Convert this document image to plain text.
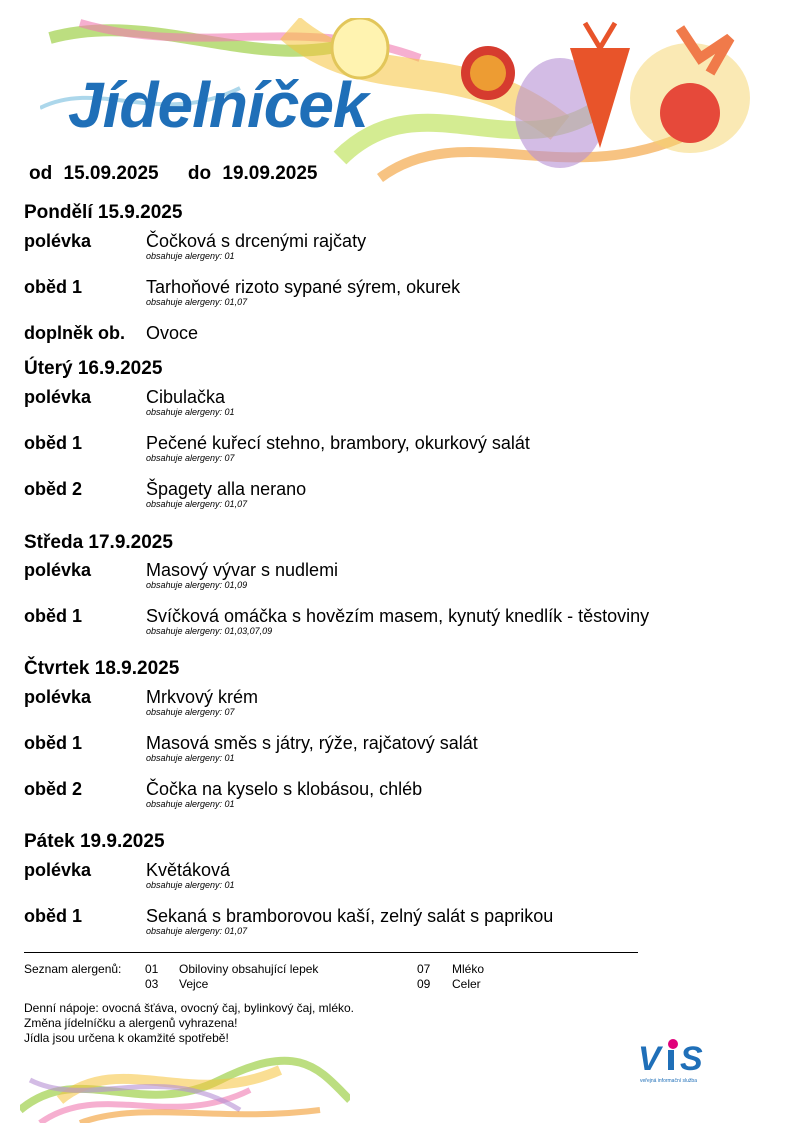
Jídelníček
od 15.09.2025 do 19.09.2025
Pondělí 15.9.2025
polévka	Čočková s drcenými rajčaty
obsahuje alergeny: 01
oběd 1	Tarhoňové rizoto sypané sýrem, okurek
obsahuje alergeny: 01,07
doplněk ob. Ovoce
Úterý 16.9.2025
polévka	Cibulačka
obsahuje alergeny: 01
oběd 1	Pečené kuřecí stehno, brambory, okurkový salát
obsahuje alergeny: 07
oběd 2	Špagety alla nerano
obsahuje alergeny: 01,07
Středa 17.9.2025
polévka	Masový vývar s nudlemi
obsahuje alergeny: 01,09
oběd 1	Svíčková omáčka s hovězím masem, kynutý knedlík - těstoviny
obsahuje alergeny: 01,03,07,09
Čtvrtek 18.9.2025
polévka	Mrkvový krém
obsahuje alergeny: 07
oběd 1	Masová směs s játry, rýže, rajčatový salát
obsahuje alergeny: 01
oběd 2	Čočka na kyselo s klobásou, chléb
obsahuje alergeny: 01
Pátek 19.9.2025
polévka	Květáková
obsahuje alergeny: 01
oběd 1	Sekaná s bramborovou kaší, zelný salát s paprikou
obsahuje alergeny: 01,07
Seznam alergenů: 01 Obiloviny obsahující lepek	07 Mléko
03 Vejce	09 Celer
Denní nápoje: ovocná šťáva, ovocný čaj, bylinkový čaj, mléko.
Změna jídelníčku a alergenů vyhrazena!
Jídla jsou určena k okamžité spotřebě!
V S
veřejná informační služba
